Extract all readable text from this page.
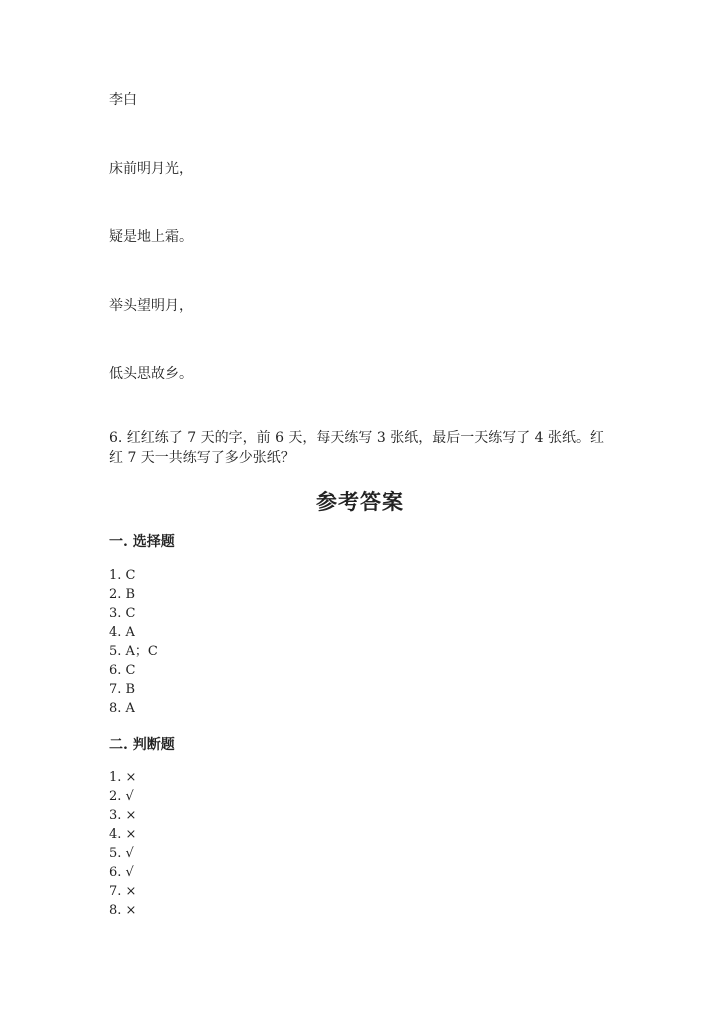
李白
床前明月光，
疑是地上霜。
举头望明月，
低头思故乡。
6. 红红练了 7 天的字，前 6 天，每天练写 3 张纸，最后一天练写了 4 张纸。红
红 7 天一共练写了多少张纸？
参考答案
一. 选择题
1. C
2. B
3. C
4. A
5. A；C
6. C
7. B
8. A
二. 判断题
1. ×
2. √
3. ×
4. ×
5. √
6. √
7. ×
8. ×
